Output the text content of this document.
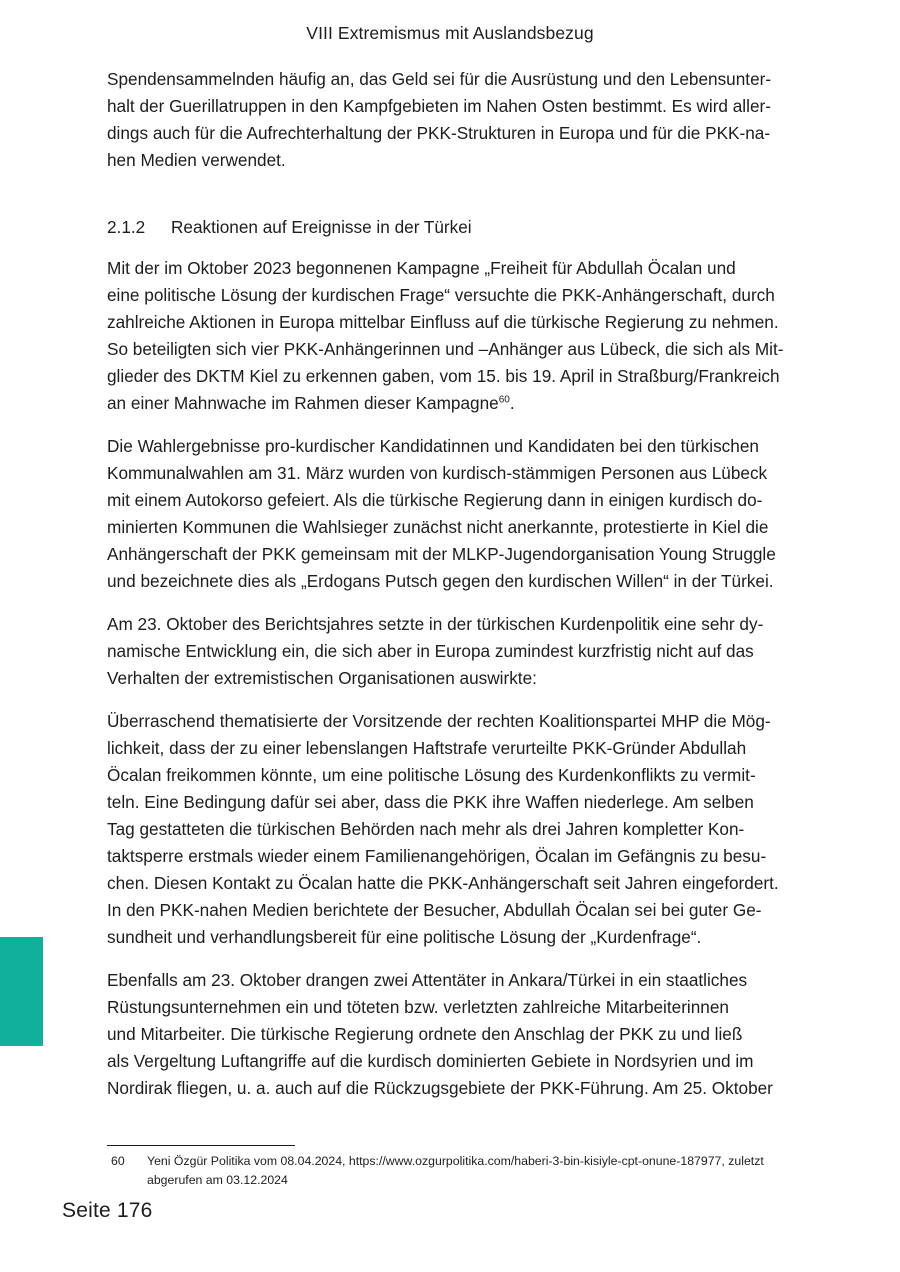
VIII Extremismus mit Auslandsbezug

Spendensammelnden häufig an, das Geld sei für die Ausrüstung und den Lebensunter-
halt der Guerillatruppen in den Kampfgebieten im Nahen Osten bestimmt. Es wird aller-
dings auch für die Aufrechterhaltung der PKK-Strukturen in Europa und für die PKK-na-
hen Medien verwendet.

2.1.2	Reaktionen auf Ereignisse in der Türkei

Mit der im Oktober 2023 begonnenen Kampagne „Freiheit für Abdullah Öcalan und
eine politische Lösung der kurdischen Frage“ versuchte die PKK-Anhängerschaft, durch
zahlreiche Aktionen in Europa mittelbar Einfluss auf die türkische Regierung zu nehmen.
So beteiligten sich vier PKK-Anhängerinnen und –Anhänger aus Lübeck, die sich als Mit-
glieder des DKTM Kiel zu erkennen gaben, vom 15. bis 19. April in Straßburg/Frankreich
an einer Mahnwache im Rahmen dieser Kampagne$^{60}$.

Die Wahlergebnisse pro-kurdischer Kandidatinnen und Kandidaten bei den türkischen
Kommunalwahlen am 31. März wurden von kurdisch-stämmigen Personen aus Lübeck
mit einem Autokorso gefeiert. Als die türkische Regierung dann in einigen kurdisch do-
minierten Kommunen die Wahlsieger zunächst nicht anerkannte, protestierte in Kiel die
Anhängerschaft der PKK gemeinsam mit der MLKP-Jugendorganisation Young Struggle
und bezeichnete dies als „Erdogans Putsch gegen den kurdischen Willen“ in der Türkei.

Am 23. Oktober des Berichtsjahres setzte in der türkischen Kurdenpolitik eine sehr dy-
namische Entwicklung ein, die sich aber in Europa zumindest kurzfristig nicht auf das
Verhalten der extremistischen Organisationen auswirkte:

Überraschend thematisierte der Vorsitzende der rechten Koalitionspartei MHP die Mög-
lichkeit, dass der zu einer lebenslangen Haftstrafe verurteilte PKK-Gründer Abdullah
Öcalan freikommen könnte, um eine politische Lösung des Kurdenkonflikts zu vermit-
teln. Eine Bedingung dafür sei aber, dass die PKK ihre Waffen niederlege. Am selben
Tag gestatteten die türkischen Behörden nach mehr als drei Jahren kompletter Kon-
taktsperre erstmals wieder einem Familienangehörigen, Öcalan im Gefängnis zu besu-
chen. Diesen Kontakt zu Öcalan hatte die PKK-Anhängerschaft seit Jahren eingefordert.
In den PKK-nahen Medien berichtete der Besucher, Abdullah Öcalan sei bei guter Ge-
sundheit und verhandlungsbereit für eine politische Lösung der „Kurdenfrage“.

Ebenfalls am 23. Oktober drangen zwei Attentäter in Ankara/Türkei in ein staatliches
Rüstungsunternehmen ein und töteten bzw. verletzten zahlreiche Mitarbeiterinnen
und Mitarbeiter. Die türkische Regierung ordnete den Anschlag der PKK zu und ließ
als Vergeltung Luftangriffe auf die kurdisch dominierten Gebiete in Nordsyrien und im
Nordirak fliegen, u. a. auch auf die Rückzugsgebiete der PKK-Führung. Am 25. Oktober

60	Yeni Özgür Politika vom 08.04.2024, https://www.ozgurpolitika.com/haberi-3-bin-kisiyle-cpt-onune-187977, zuletzt
abgerufen am 03.12.2024
Seite 176
